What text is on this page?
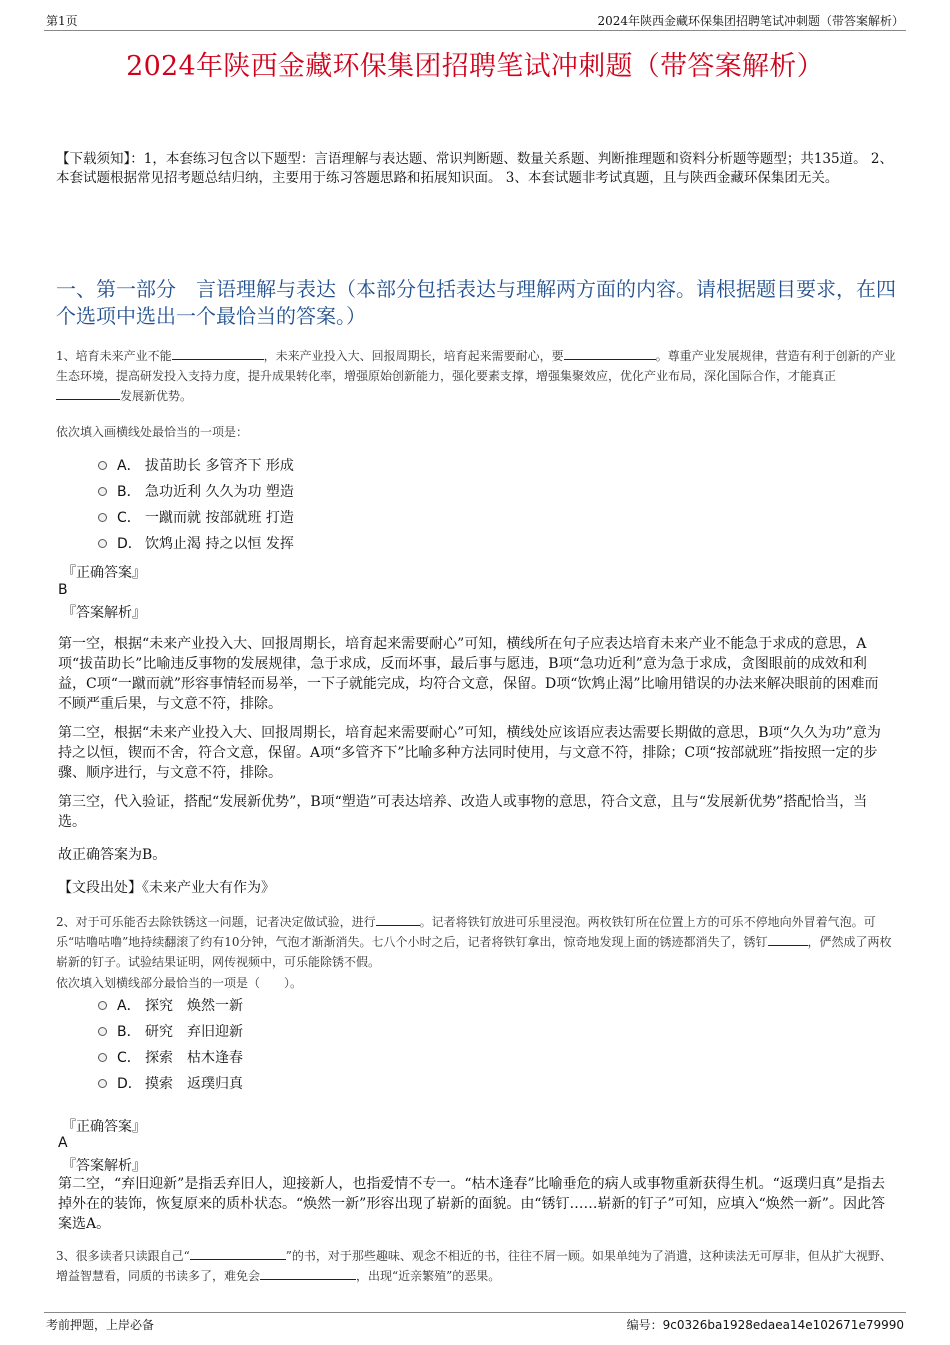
第1页	2024年陕西金藏环保集团招聘笔试冲刺题（带答案解析）
2024年陕西金藏环保集团招聘笔试冲刺题（带答案解析）
【下载须知】：1，本套练习包含以下题型：言语理解与表达题、常识判断题、数量关系题、判断推理题和资料分析题等题型；共135道。 2、本套试题根据常见招考题总结归纳，主要用于练习答题思路和拓展知识面。 3、本套试题非考试真题，且与陕西金藏环保集团无关。
一、第一部分　言语理解与表达（本部分包括表达与理解两方面的内容。请根据题目要求，在四个选项中选出一个最恰当的答案。）
1、培育未来产业不能	，未来产业投入大、回报周期长，培育起来需要耐心，要	。尊重产业发展规律，营造有利于创新的产业生态环境，提高研发投入支持力度，提升成果转化率，增强原始创新能力，强化要素支撑，增强集聚效应，优化产业布局，深化国际合作，才能真正发展新优势。
依次填入画横线处最恰当的一项是：
A． 拔苗助长 多管齐下 形成
B． 急功近利 久久为功 塑造
C． 一蹴而就 按部就班 打造
D． 饮鸩止渴 持之以恒 发挥
『正确答案』
B
『答案解析』
第一空，根据“未来产业投入大、回报周期长，培育起来需要耐心”可知，横线所在句子应表达培育未来产业不能急于求成的意思，A项“拔苗助长”比喻违反事物的发展规律，急于求成，反而坏事，最后事与愿违，B项“急功近利”意为急于求成，贪图眼前的成效和利益，C项“一蹴而就”形容事情轻而易举，一下子就能完成，均符合文意，保留。D项“饮鸩止渴”比喻用错误的办法来解决眼前的困难而不顾严重后果，与文意不符，排除。
第二空，根据“未来产业投入大、回报周期长，培育起来需要耐心”可知，横线处应该语应表达需要长期做的意思，B项“久久为功”意为持之以恒，锲而不舍，符合文意，保留。A项“多管齐下”比喻多种方法同时使用，与文意不符，排除；C项“按部就班”指按照一定的步骤、顺序进行，与文意不符，排除。
第三空，代入验证，搭配“发展新优势”，B项“塑造”可表达培养、改造人或事物的意思，符合文意，且与“发展新优势”搭配恰当，当选。
故正确答案为B。
【文段出处】《未来产业大有作为》
2、对于可乐能否去除铁锈这一问题，记者决定做试验，进行	。记者将铁钉放进可乐里浸泡。两枚铁钉所在位置上方的可乐不停地向外冒着气泡。可乐“咕噜咕噜”地持续翻滚了约有10分钟，气泡才渐渐消失。七八个小时之后，记者将铁钉拿出，惊奇地发现上面的锈迹都消失了，锈钉	，俨然成了两枚崭新的钉子。试验结果证明，网传视频中，可乐能除锈不假。
依次填入划横线部分最恰当的一项是（　　）。
A． 探究　焕然一新
B． 研究　弃旧迎新
C． 探索　枯木逢春
D． 摸索　返璞归真
『正确答案』
A
『答案解析』
第二空，“弃旧迎新”是指丢弃旧人，迎接新人，也指爱情不专一。“枯木逢春”比喻垂危的病人或事物重新获得生机。“返璞归真”是指去掉外在的装饰，恢复原来的质朴状态。“焕然一新”形容出现了崭新的面貌。由“锈钉……崭新的钉子”可知，应填入“焕然一新”。因此答案选A。
3、很多读者只读跟自己“	”的书，对于那些趣味、观念不相近的书，往往不屑一顾。如果单纯为了消遣，这种读法无可厚非，但从扩大视野、增益智慧看，同质的书读多了，难免会	，出现“近亲繁殖”的恶果。
考前押题，上岸必备	编号：9c0326ba1928edaea14e102671e79990
